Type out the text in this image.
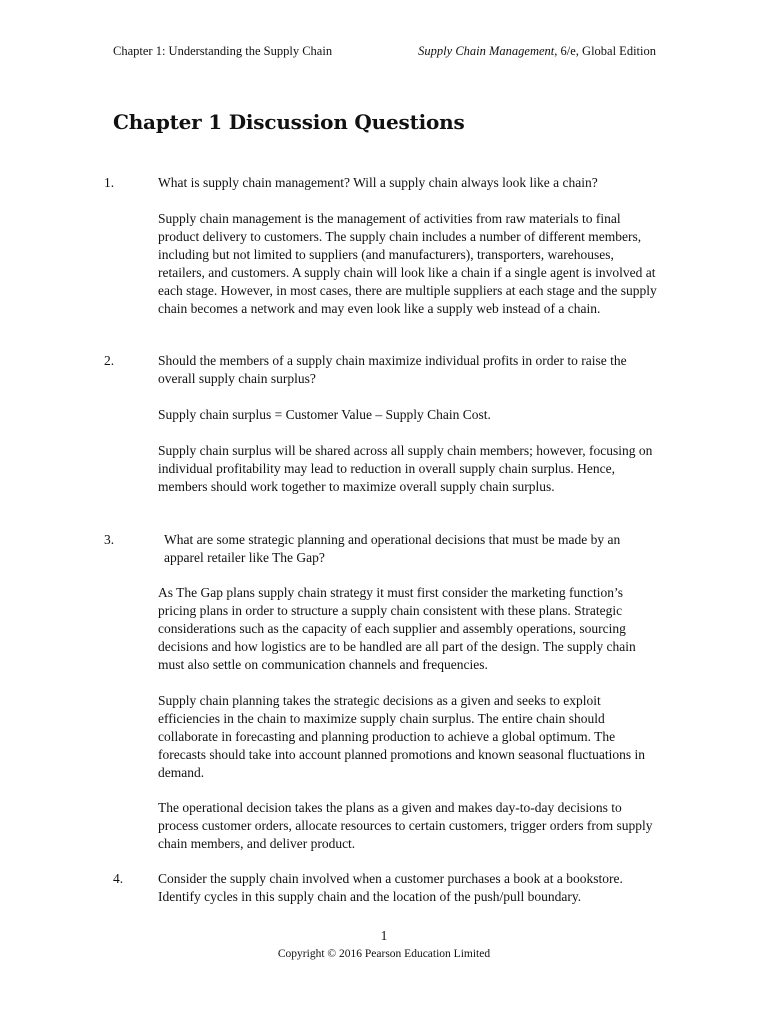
Chapter 1: Understanding the Supply Chain	Supply Chain Management, 6/e, Global Edition
Chapter 1 Discussion Questions
1.	What is supply chain management? Will a supply chain always look like a chain?
Supply chain management is the management of activities from raw materials to final product delivery to customers. The supply chain includes a number of different members, including but not limited to suppliers (and manufacturers), transporters, warehouses, retailers, and customers. A supply chain will look like a chain if a single agent is involved at each stage. However, in most cases, there are multiple suppliers at each stage and the supply chain becomes a network and may even look like a supply web instead of a chain.
2.	Should the members of a supply chain maximize individual profits in order to raise the overall supply chain surplus?
Supply chain surplus = Customer Value – Supply Chain Cost.
Supply chain surplus will be shared across all supply chain members; however, focusing on individual profitability may lead to reduction in overall supply chain surplus. Hence, members should work together to maximize overall supply chain surplus.
3.	What are some strategic planning and operational decisions that must be made by an apparel retailer like The Gap?
As The Gap plans supply chain strategy it must first consider the marketing function’s pricing plans in order to structure a supply chain consistent with these plans. Strategic considerations such as the capacity of each supplier and assembly operations, sourcing decisions and how logistics are to be handled are all part of the design. The supply chain must also settle on communication channels and frequencies.
Supply chain planning takes the strategic decisions as a given and seeks to exploit efficiencies in the chain to maximize supply chain surplus. The entire chain should collaborate in forecasting and planning production to achieve a global optimum. The forecasts should take into account planned promotions and known seasonal fluctuations in demand.
The operational decision takes the plans as a given and makes day-to-day decisions to process customer orders, allocate resources to certain customers, trigger orders from supply chain members, and deliver product.
4.	Consider the supply chain involved when a customer purchases a book at a bookstore. Identify cycles in this supply chain and the location of the push/pull boundary.
1
Copyright © 2016 Pearson Education Limited
